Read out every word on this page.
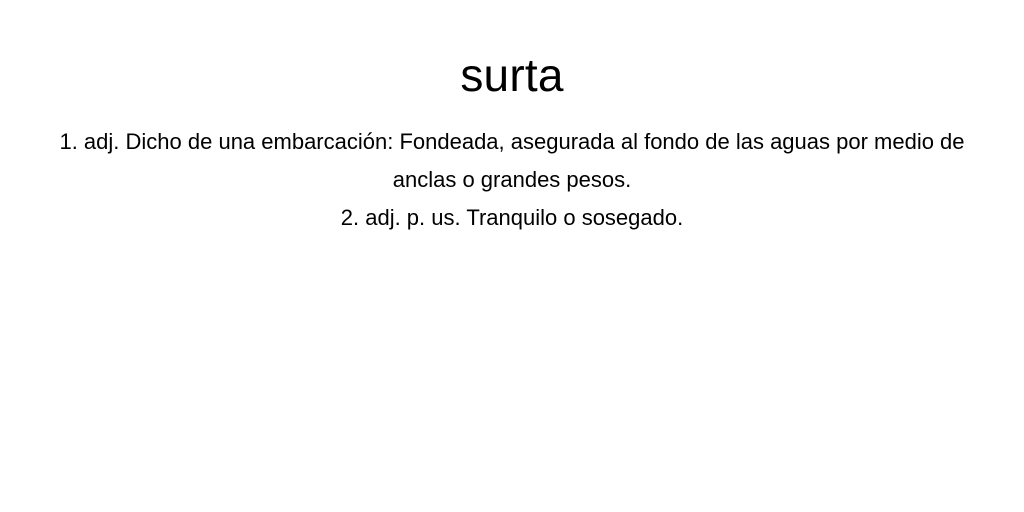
surta
1. adj. Dicho de una embarcación: Fondeada, asegurada al fondo de las aguas por medio de anclas o grandes pesos.
2. adj. p. us. Tranquilo o sosegado.
